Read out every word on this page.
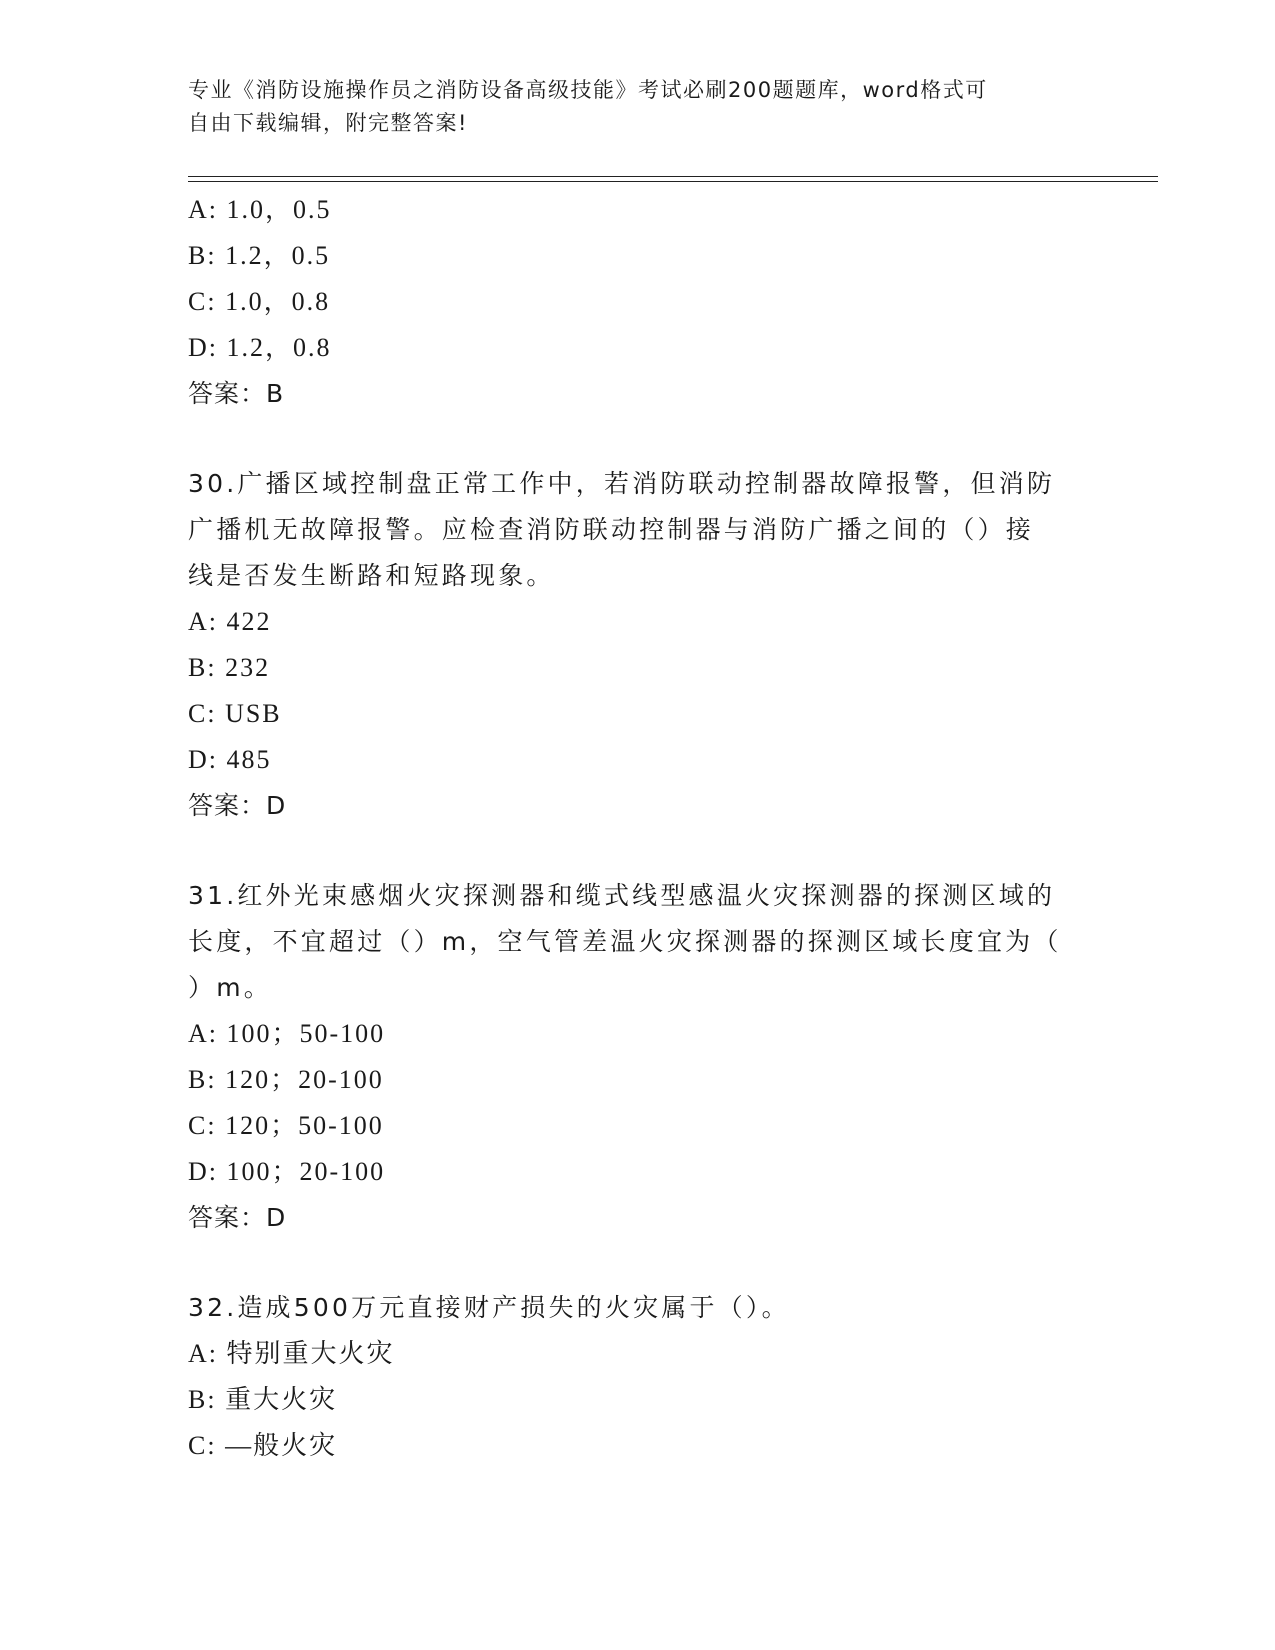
专业《消防设施操作员之消防设备高级技能》考试必刷200题题库，word格式可
自由下载编辑，附完整答案!
A: 1.0，0.5
B: 1.2，0.5
C: 1.0，0.8
D: 1.2，0.8
答案：B
30.广播区域控制盘正常工作中，若消防联动控制器故障报警，但消防
广播机无故障报警。应检查消防联动控制器与消防广播之间的（）接
线是否发生断路和短路现象。
A: 422
B: 232
C: USB
D: 485
答案：D
31.红外光束感烟火灾探测器和缆式线型感温火灾探测器的探测区域的
长度，不宜超过（）m，空气管差温火灾探测器的探测区域长度宜为（
）m。
A: 100；50-100
B: 120；20-100
C: 120；50-100
D: 100；20-100
答案：D
32.造成500万元直接财产损失的火灾属于（）。
A: 特别重大火灾
B: 重大火灾
C: —般火灾
